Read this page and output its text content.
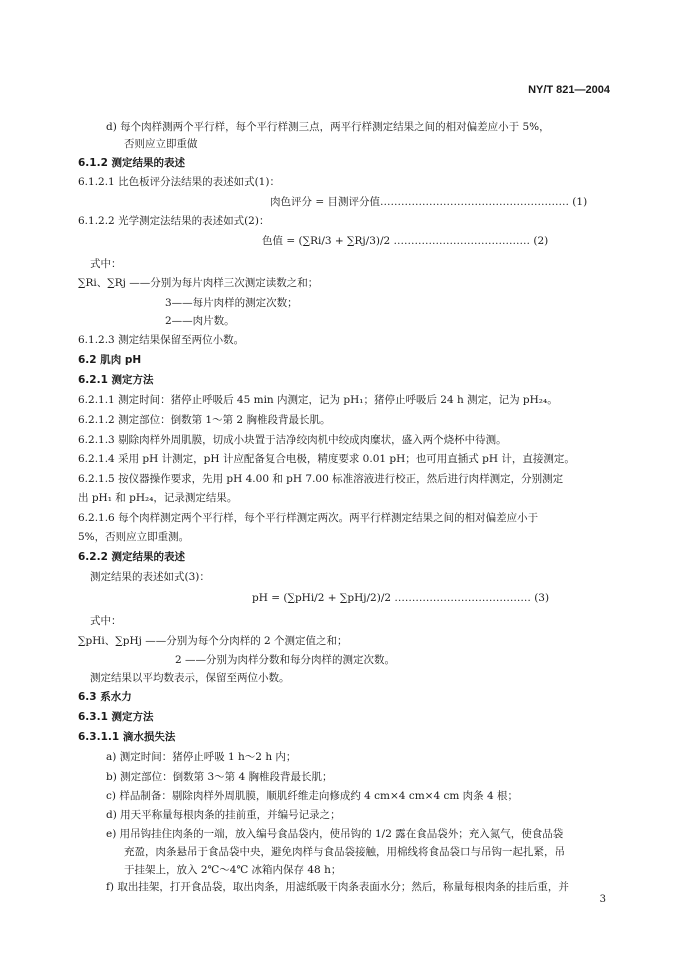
NY/T 821—2004
d) 每个肉样测两个平行样，每个平行样测三点，两平行样测定结果之间的相对偏差应小于 5%，
否则应立即重做
6.1.2 测定结果的表述
6.1.2.1 比色板评分法结果的表述如式(1)：
肉色评分 = 目测评分值……………………………………………… (1)
6.1.2.2 光学测定法结果的表述如式(2)：
色值 = (∑Ri/3 + ∑Rj/3)/2 ………………………………… (2)
式中：
∑Ri、∑Rj ——分别为每片肉样三次测定读数之和；
3——每片肉样的测定次数；
2——肉片数。
6.1.2.3 测定结果保留至两位小数。
6.2 肌肉 pH
6.2.1 测定方法
6.2.1.1 测定时间：猪停止呼吸后 45 min 内测定，记为 pH₁；猪停止呼吸后 24 h 测定，记为 pH₂₄。
6.2.1.2 测定部位：倒数第 1～第 2 胸椎段背最长肌。
6.2.1.3 剔除肉样外周肌膜，切成小块置于洁净绞肉机中绞成肉糜状，盛入两个烧杯中待测。
6.2.1.4 采用 pH 计测定，pH 计应配备复合电极，精度要求 0.01 pH；也可用直插式 pH 计，直接测定。
6.2.1.5 按仪器操作要求，先用 pH 4.00 和 pH 7.00 标准溶液进行校正，然后进行肉样测定，分别测定
出 pH₁ 和 pH₂₄，记录测定结果。
6.2.1.6 每个肉样测定两个平行样，每个平行样测定两次。两平行样测定结果之间的相对偏差应小于
5%，否则应立即重测。
6.2.2 测定结果的表述
测定结果的表述如式(3)：
pH = (∑pHi/2 + ∑pHj/2)/2 ………………………………… (3)
式中：
∑pHi、∑pHj ——分别为每个分肉样的 2 个测定值之和；
2 ——分别为肉样分数和每分肉样的测定次数。
测定结果以平均数表示，保留至两位小数。
6.3 系水力
6.3.1 测定方法
6.3.1.1 滴水损失法
a) 测定时间：猪停止呼吸 1 h～2 h 内；
b) 测定部位：倒数第 3～第 4 胸椎段背最长肌；
c) 样品制备：剔除肉样外周肌膜，顺肌纤维走向修成约 4 cm×4 cm×4 cm 肉条 4 根；
d) 用天平称量每根肉条的挂前重，并编号记录之；
e) 用吊钩挂住肉条的一端，放入编号食品袋内，使吊钩的 1/2 露在食品袋外；充入氮气，使食品袋
充盈，肉条悬吊于食品袋中央，避免肉样与食品袋接触，用棉线将食品袋口与吊钩一起扎紧，吊
于挂架上，放入 2℃～4℃ 冰箱内保存 48 h；
f) 取出挂架，打开食品袋，取出肉条，用滤纸吸干肉条表面水分；然后，称量每根肉条的挂后重，并
3
